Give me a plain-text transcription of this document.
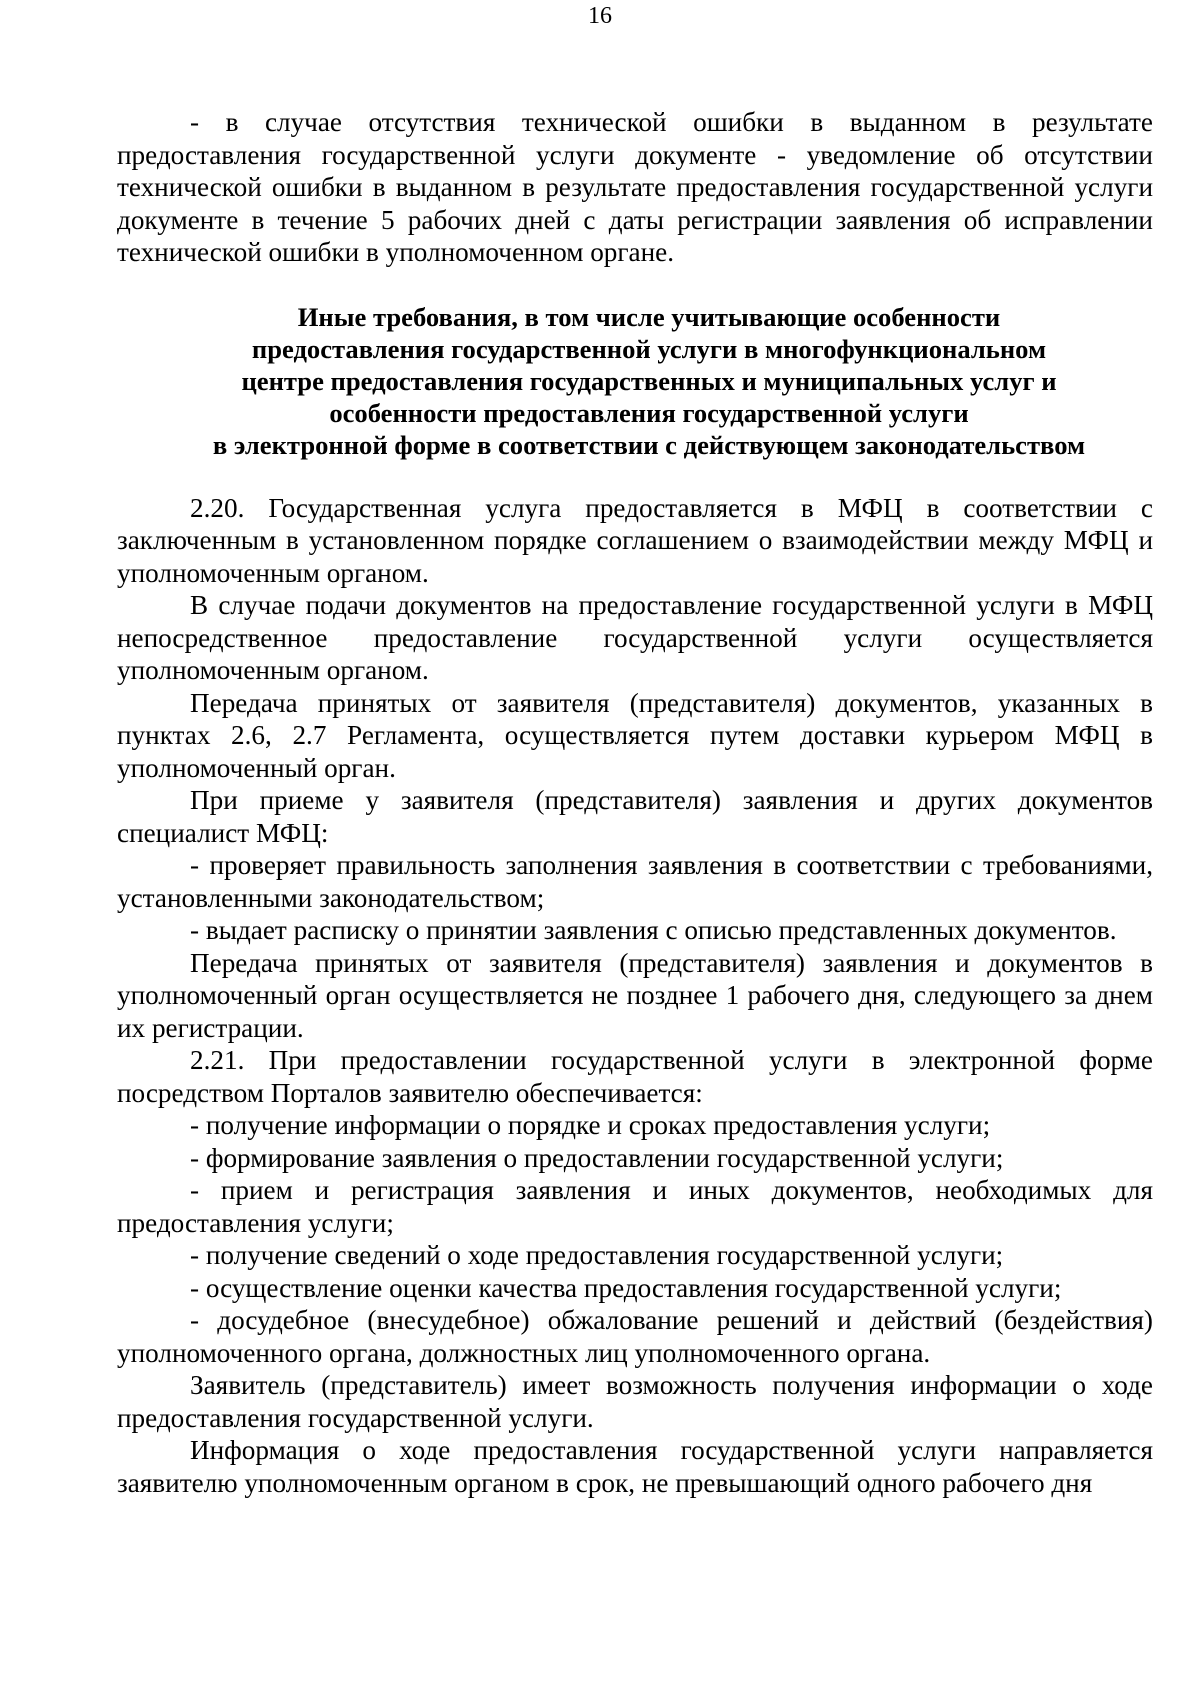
16

- в случае отсутствия технической ошибки в выданном в результате предоставления государственной услуги документе - уведомление об отсутствии технической ошибки в выданном в результате предоставления государственной услуги документе в течение 5 рабочих дней с даты регистрации заявления об исправлении технической ошибки в уполномоченном органе.

Иные требования, в том числе учитывающие особенности
предоставления государственной услуги в многофункциональном
центре предоставления государственных и муниципальных услуг и
особенности предоставления государственной услуги
в электронной форме в соответствии с действующем законодательством

2.20. Государственная услуга предоставляется в МФЦ в соответствии с заключенным в установленном порядке соглашением о взаимодействии между МФЦ и уполномоченным органом.

В случае подачи документов на предоставление государственной услуги в МФЦ непосредственное предоставление государственной услуги осуществляется уполномоченным органом.

Передача принятых от заявителя (представителя) документов, указанных в пунктах 2.6, 2.7 Регламента, осуществляется путем доставки курьером МФЦ в уполномоченный орган.

При приеме у заявителя (представителя) заявления и других документов специалист МФЦ:

- проверяет правильность заполнения заявления в соответствии с требованиями, установленными законодательством;

- выдает расписку о принятии заявления с описью представленных документов.

Передача принятых от заявителя (представителя) заявления и документов в уполномоченный орган осуществляется не позднее 1 рабочего дня, следующего за днем их регистрации.

2.21. При предоставлении государственной услуги в электронной форме посредством Порталов заявителю обеспечивается:

- получение информации о порядке и сроках предоставления услуги;

- формирование заявления о предоставлении государственной услуги;

- прием и регистрация заявления и иных документов, необходимых для предоставления услуги;

- получение сведений о ходе предоставления государственной услуги;

- осуществление оценки качества предоставления государственной услуги;

- досудебное (внесудебное) обжалование решений и действий (бездействия) уполномоченного органа, должностных лиц уполномоченного органа.

Заявитель (представитель) имеет возможность получения информации о ходе предоставления государственной услуги.

Информация о ходе предоставления государственной услуги направляется заявителю уполномоченным органом в срок, не превышающий одного рабочего дня
